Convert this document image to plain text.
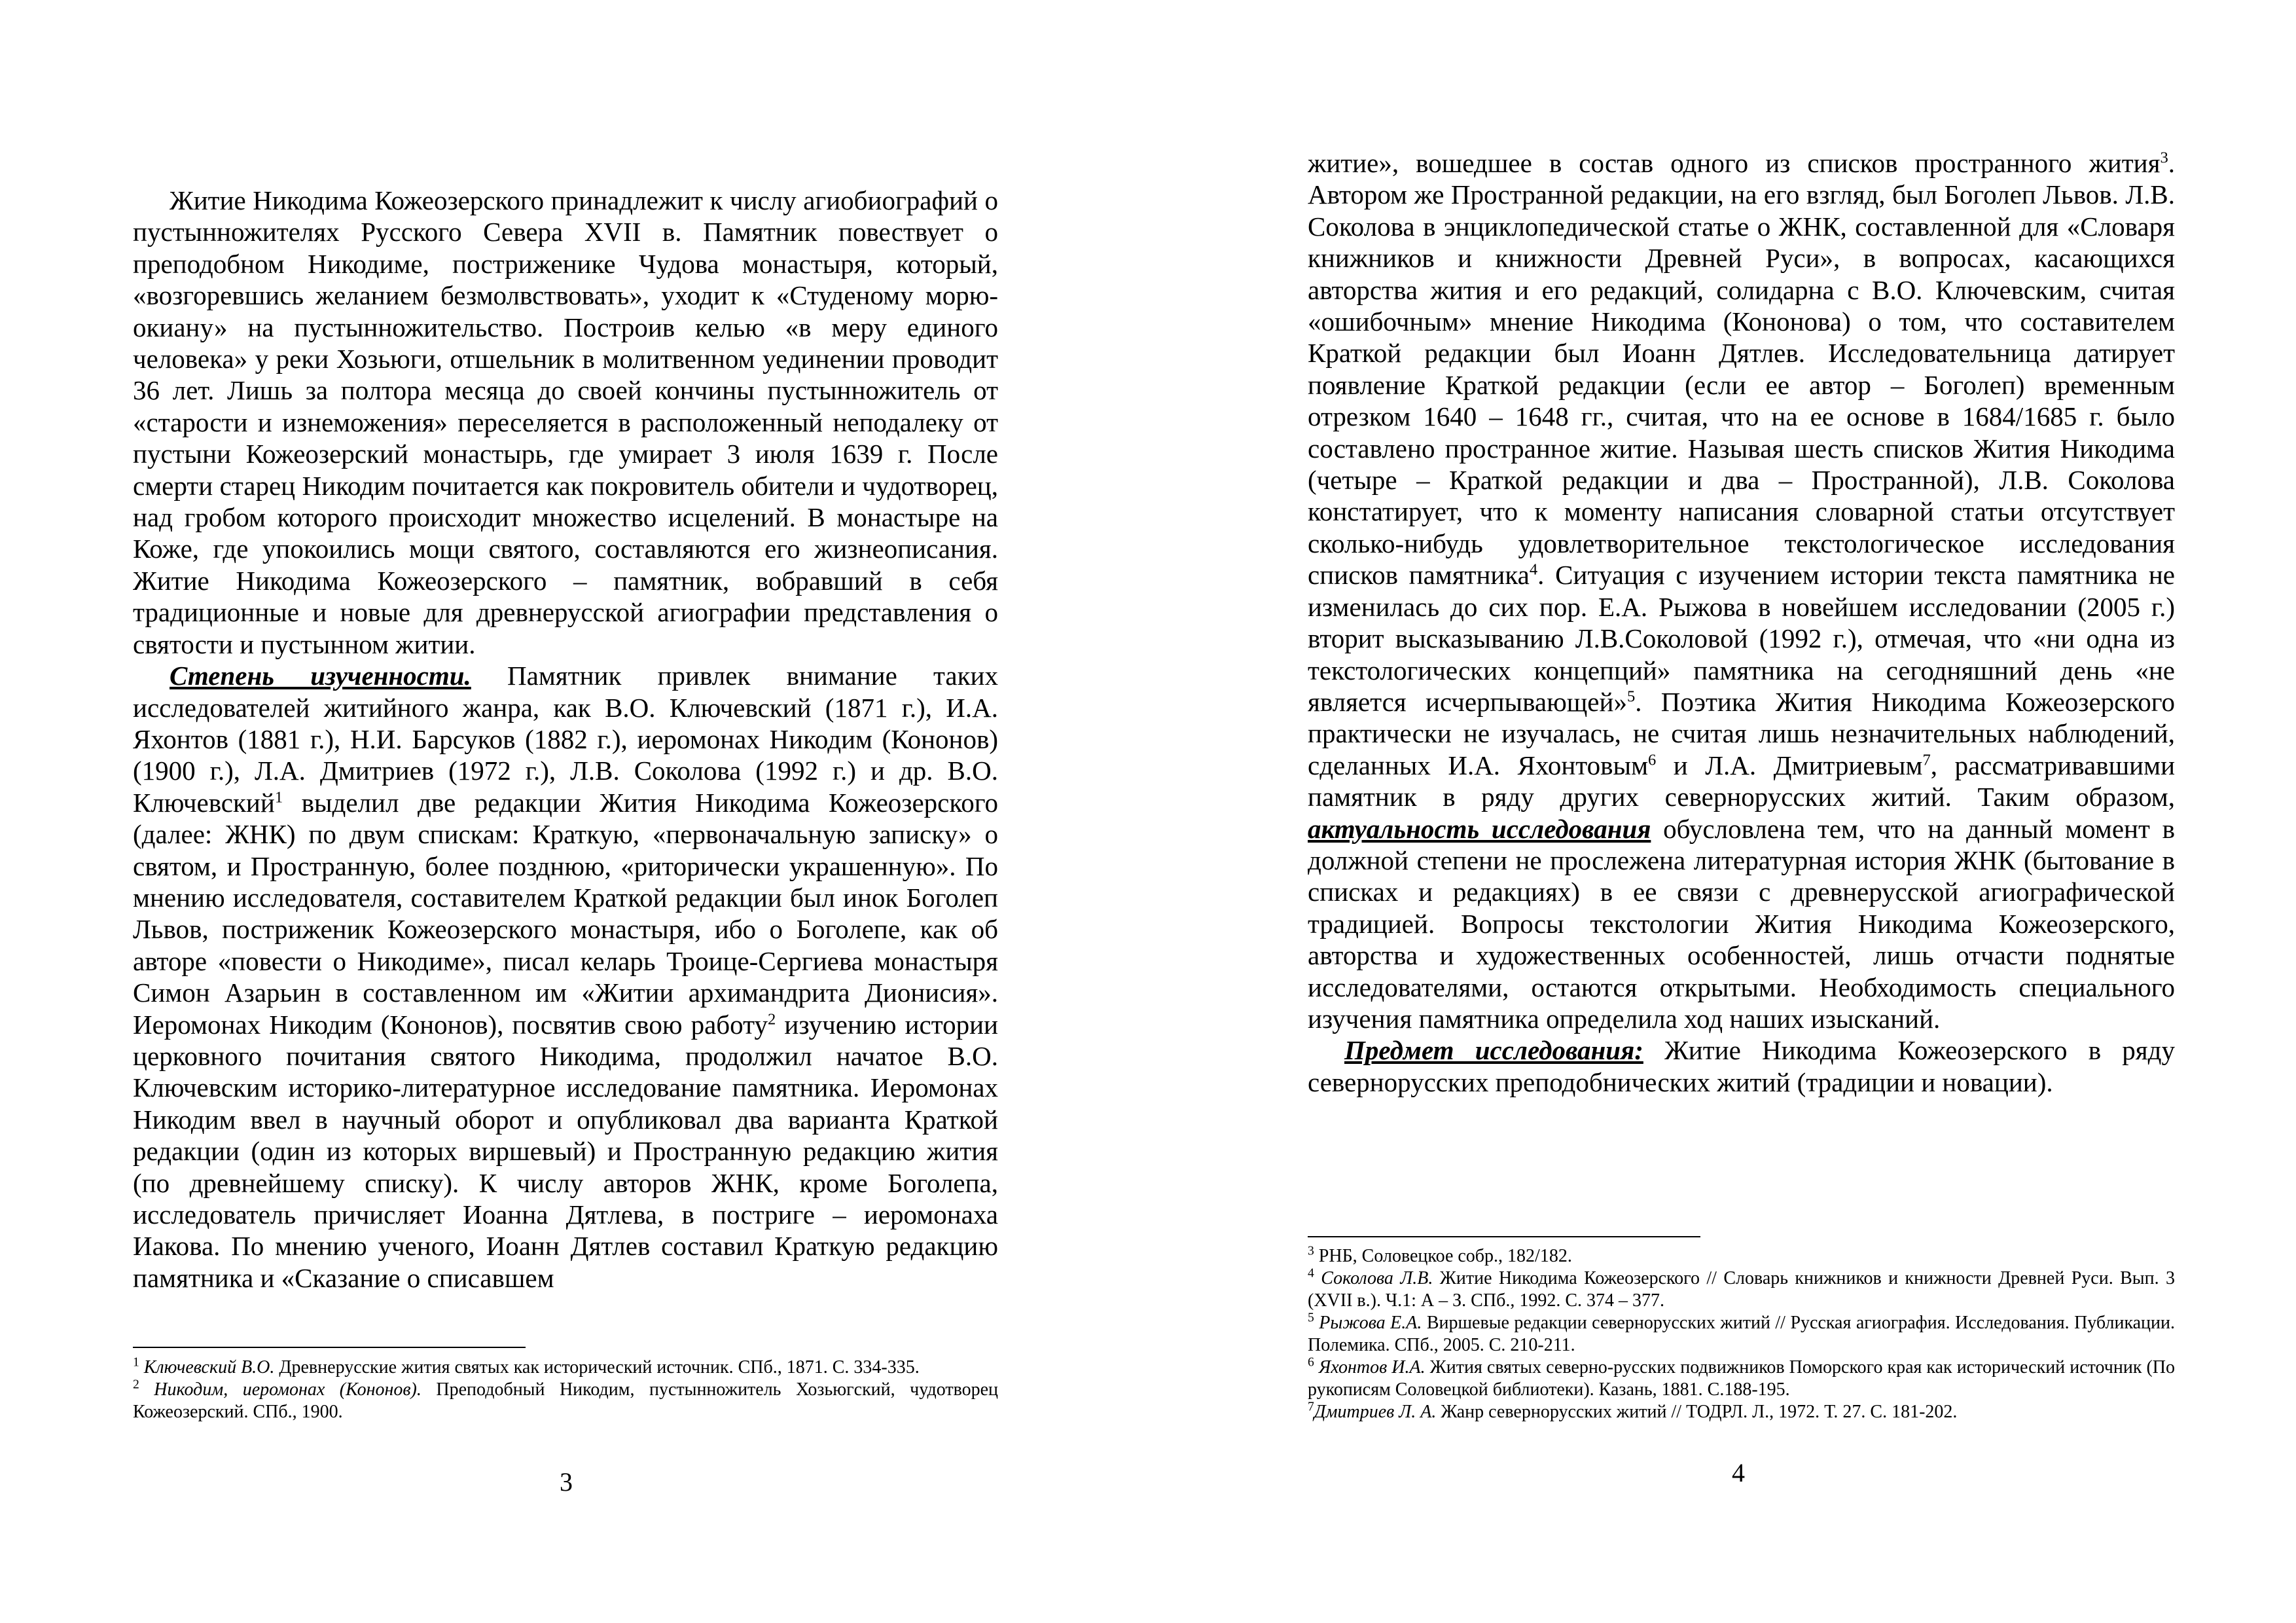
Житие Никодима Кожеозерского принадлежит к числу агиобиографий о пустынножителях Русского Севера XVII в. Памятник повествует о преподобном Никодиме, постриженике Чудова монастыря, который, «возгоревшись желанием безмолвствовать», уходит к «Студеному морю-окиану» на пустынножительство. Построив келью «в меру единого человека» у реки Хозьюги, отшельник в молитвенном уединении проводит 36 лет. Лишь за полтора месяца до своей кончины пустынножитель от «старости и изнеможения» переселяется в расположенный неподалеку от пустыни Кожеозерский монастырь, где умирает 3 июля 1639 г. После смерти старец Никодим почитается как покровитель обители и чудотворец, над гробом которого происходит множество исцелений. В монастыре на Коже, где упокоились мощи святого, составляются его жизнеописания. Житие Никодима Кожеозерского – памятник, вобравший в себя традиционные и новые для древнерусской агиографии представления о святости и пустынном житии.

Степень изученности. Памятник привлек внимание таких исследователей житийного жанра, как В.О. Ключевский (1871 г.), И.А. Яхонтов (1881 г.), Н.И. Барсуков (1882 г.), иеромонах Никодим (Кононов) (1900 г.), Л.А. Дмитриев (1972 г.), Л.В. Соколова (1992 г.) и др. В.О. Ключевский$^1$ выделил две редакции Жития Никодима Кожеозерского (далее: ЖНК) по двум спискам: Краткую, «первоначальную записку» о святом, и Пространную, более позднюю, «риторически украшенную». По мнению исследователя, составителем Краткой редакции был инок Боголеп Львов, постриженик Кожеозерского монастыря, ибо о Боголепе, как об авторе «повести о Никодиме», писал келарь Троице-Сергиева монастыря Симон Азарьин в составленном им «Житии архимандрита Дионисия». Иеромонах Никодим (Кононов), посвятив свою работу$^2$ изучению истории церковного почитания святого Никодима, продолжил начатое В.О. Ключевским историко-литературное исследование памятника. Иеромонах Никодим ввел в научный оборот и опубликовал два варианта Краткой редакции (один из которых виршевый) и Пространную редакцию жития (по древнейшему списку). К числу авторов ЖНК, кроме Боголепа, исследователь причисляет Иоанна Дятлева, в постриге – иеромонаха Иакова. По мнению ученого, Иоанн Дятлев составил Краткую редакцию памятника и «Сказание о списавшем

$^1$ Ключевский В.О. Древнерусские жития святых как исторический источник. СПб., 1871. С. 334-335.

$^2$ Никодим, иеромонах (Кононов). Преподобный Никодим, пустынножитель Хозьюгский, чудотворец Кожеозерский. СПб., 1900.

3

житие», вошедшее в состав одного из списков пространного жития$^3$. Автором же Пространной редакции, на его взгляд, был Боголеп Львов. Л.В. Соколова в энциклопедической статье о ЖНК, составленной для «Словаря книжников и книжности Древней Руси», в вопросах, касающихся авторства жития и его редакций, солидарна с В.О. Ключевским, считая «ошибочным» мнение Никодима (Кононова) о том, что составителем Краткой редакции был Иоанн Дятлев. Исследовательница датирует появление Краткой редакции (если ее автор – Боголеп) временным отрезком 1640 – 1648 гг., считая, что на ее основе в 1684/1685 г. было составлено пространное житие. Называя шесть списков Жития Никодима (четыре – Краткой редакции и два – Пространной), Л.В. Соколова констатирует, что к моменту написания словарной статьи отсутствует сколько-нибудь удовлетворительное текстологическое исследования списков памятника$^4$. Ситуация с изучением истории текста памятника не изменилась до сих пор. Е.А. Рыжова в новейшем исследовании (2005 г.) вторит высказыванию Л.В.Соколовой (1992 г.), отмечая, что «ни одна из текстологических концепций» памятника на сегодняшний день «не является исчерпывающей»$^5$. Поэтика Жития Никодима Кожеозерского практически не изучалась, не считая лишь незначительных наблюдений, сделанных И.А. Яхонтовым$^6$ и Л.А. Дмитриевым$^7$, рассматривавшими памятник в ряду других севернорусских житий. Таким образом, актуальность исследования обусловлена тем, что на данный момент в должной степени не прослежена литературная история ЖНК (бытование в списках и редакциях) в ее связи с древнерусской агиографической традицией. Вопросы текстологии Жития Никодима Кожеозерского, авторства и художественных особенностей, лишь отчасти поднятые исследователями, остаются открытыми. Необходимость специального изучения памятника определила ход наших изысканий.

Предмет исследования: Житие Никодима Кожеозерского в ряду севернорусских преподобнических житий (традиции и новации).

$^3$ РНБ, Соловецкое собр., 182/182.

$^4$ Соколова Л.В. Житие Никодима Кожеозерского // Словарь книжников и книжности Древней Руси. Вып. 3 (XVII в.). Ч.1: А – З. СПб., 1992. С. 374 – 377.

$^5$ Рыжова Е.А. Виршевые редакции севернорусских житий // Русская агиография. Исследования. Публикации. Полемика. СПб., 2005. С. 210-211.

$^6$ Яхонтов И.А. Жития святых северно-русских подвижников Поморского края как исторический источник (По рукописям Соловецкой библиотеки). Казань, 1881. С.188-195.

$^7$Дмитриев Л. А. Жанр севернорусских житий // ТОДРЛ. Л., 1972. Т. 27. С. 181-202.

4
